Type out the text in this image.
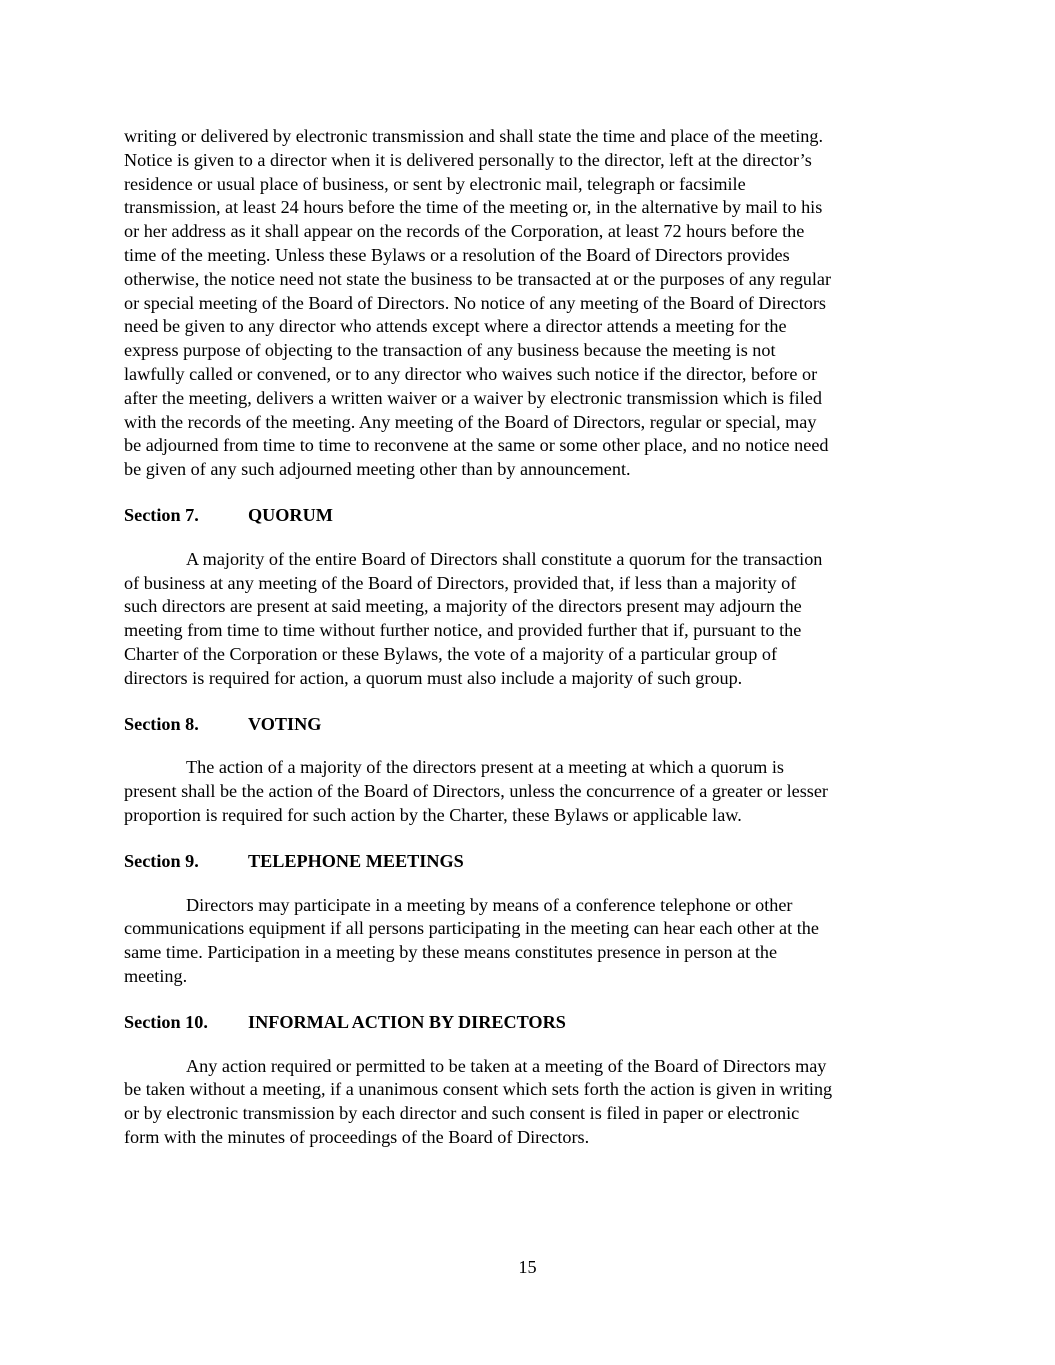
writing or delivered by electronic transmission and shall state the time and place of the meeting.
Notice is given to a director when it is delivered personally to the director, left at the director’s
residence or usual place of business, or sent by electronic mail, telegraph or facsimile
transmission, at least 24 hours before the time of the meeting or, in the alternative by mail to his
or her address as it shall appear on the records of the Corporation, at least 72 hours before the
time of the meeting. Unless these Bylaws or a resolution of the Board of Directors provides
otherwise, the notice need not state the business to be transacted at or the purposes of any regular
or special meeting of the Board of Directors. No notice of any meeting of the Board of Directors
need be given to any director who attends except where a director attends a meeting for the
express purpose of objecting to the transaction of any business because the meeting is not
lawfully called or convened, or to any director who waives such notice if the director, before or
after the meeting, delivers a written waiver or a waiver by electronic transmission which is filed
with the records of the meeting. Any meeting of the Board of Directors, regular or special, may
be adjourned from time to time to reconvene at the same or some other place, and no notice need
be given of any such adjourned meeting other than by announcement.

Section 7.	QUORUM

A majority of the entire Board of Directors shall constitute a quorum for the transaction
of business at any meeting of the Board of Directors, provided that, if less than a majority of
such directors are present at said meeting, a majority of the directors present may adjourn the
meeting from time to time without further notice, and provided further that if, pursuant to the
Charter of the Corporation or these Bylaws, the vote of a majority of a particular group of
directors is required for action, a quorum must also include a majority of such group.

Section 8.	VOTING

The action of a majority of the directors present at a meeting at which a quorum is
present shall be the action of the Board of Directors, unless the concurrence of a greater or lesser
proportion is required for such action by the Charter, these Bylaws or applicable law.

Section 9.	TELEPHONE MEETINGS

Directors may participate in a meeting by means of a conference telephone or other
communications equipment if all persons participating in the meeting can hear each other at the
same time. Participation in a meeting by these means constitutes presence in person at the
meeting.

Section 10. INFORMAL ACTION BY DIRECTORS

Any action required or permitted to be taken at a meeting of the Board of Directors may
be taken without a meeting, if a unanimous consent which sets forth the action is given in writing
or by electronic transmission by each director and such consent is filed in paper or electronic
form with the minutes of proceedings of the Board of Directors.

15
